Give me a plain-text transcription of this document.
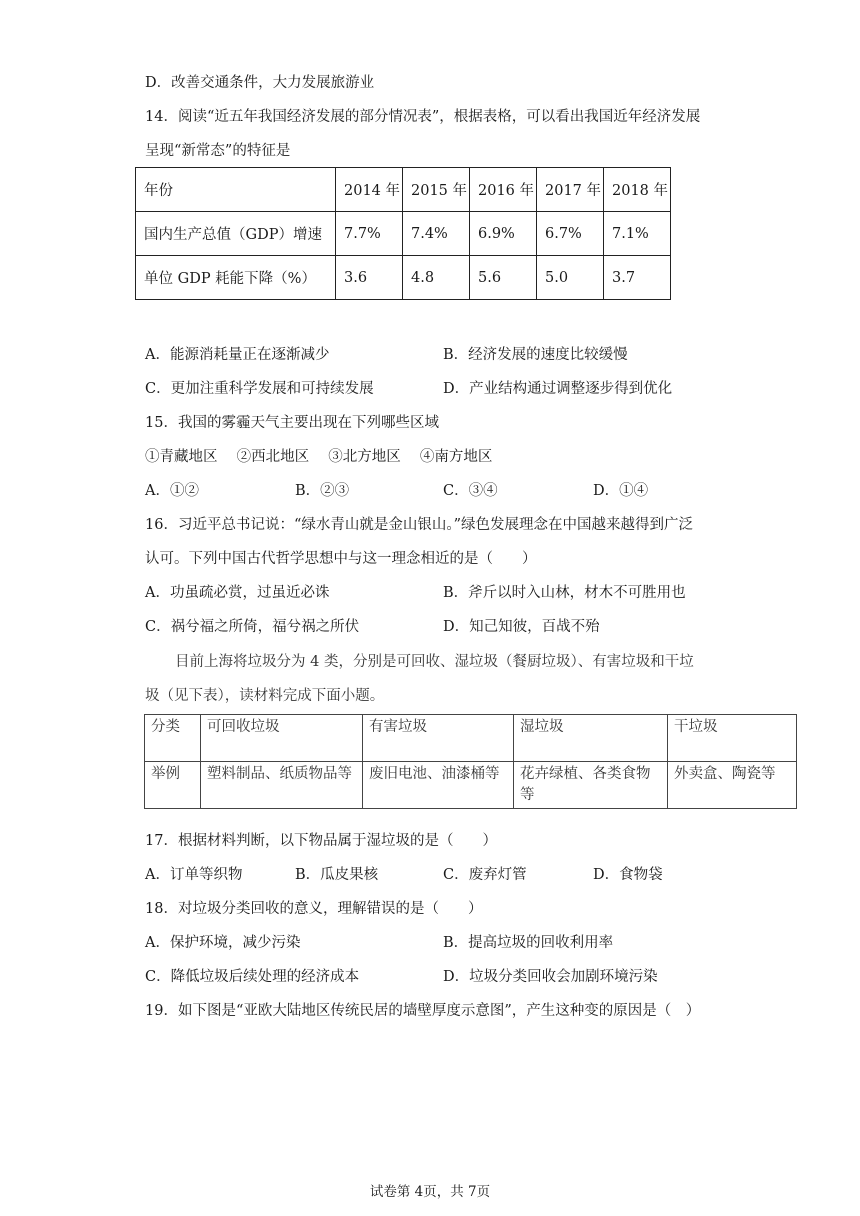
D．改善交通条件，大力发展旅游业
14．阅读“近五年我国经济发展的部分情况表”，根据表格，可以看出我国近年经济发展
呈现“新常态”的特征是
年份	2014 年	2015 年	2016 年	2017 年	2018 年
国内生产总值（GDP）增速	7.7%	7.4%	6.9%	6.7%	7.1%
单位 GDP 耗能下降（%）	3.6	4.8	5.6	5.0	3.7
A．能源消耗量正在逐渐减少	B．经济发展的速度比较缓慢
C．更加注重科学发展和可持续发展	D．产业结构通过调整逐步得到优化
15．我国的雾霾天气主要出现在下列哪些区域
①青藏地区　 ②西北地区　 ③北方地区　 ④南方地区
A．①②	B．②③	C．③④	D．①④
16．习近平总书记说：“绿水青山就是金山银山。”绿色发展理念在中国越来越得到广泛
认可。下列中国古代哲学思想中与这一理念相近的是（　　）
A．功虽疏必赏，过虽近必诛	B．斧斤以时入山林，材木不可胜用也
C．祸兮福之所倚，福兮祸之所伏	D．知己知彼，百战不殆
目前上海将垃圾分为 4 类，分别是可回收、湿垃圾（餐厨垃圾）、有害垃圾和干垃
圾（见下表），读材料完成下面小题。
分类	可回收垃圾	有害垃圾	湿垃圾	干垃圾
举例	塑料制品、纸质物品等	废旧电池、油漆桶等	花卉绿植、各类食物等	外卖盒、陶瓷等
17．根据材料判断，以下物品属于湿垃圾的是（　　）
A．订单等织物	B．瓜皮果核	C．废弃灯管	D．食物袋
18．对垃圾分类回收的意义，理解错误的是（　　）
A．保护环境，减少污染	B．提高垃圾的回收利用率
C．降低垃圾后续处理的经济成本	D．垃圾分类回收会加剧环境污染
19．如下图是“亚欧大陆地区传统民居的墙壁厚度示意图”，产生这种变的原因是（　）
试卷第 4页，共 7页
